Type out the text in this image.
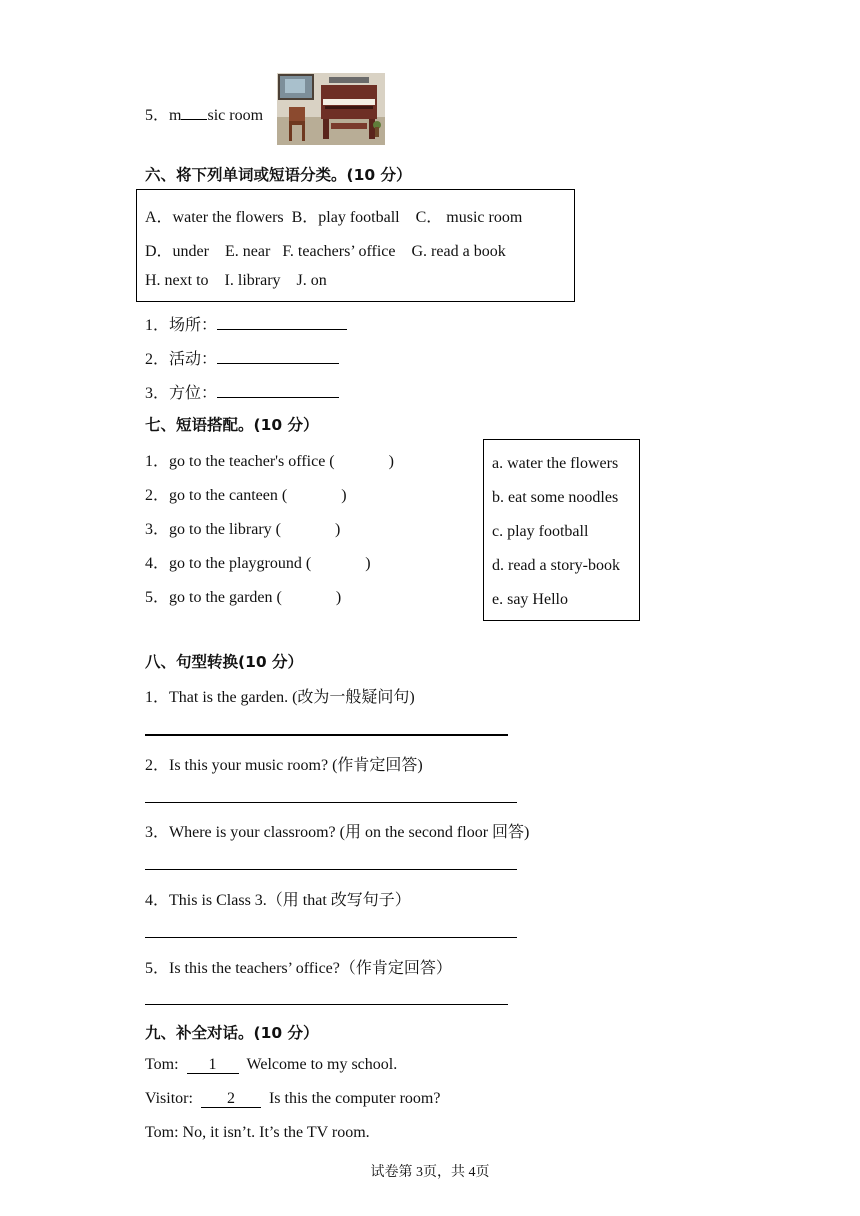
5．m sic room
六、将下列单词或短语分类。(10 分）
A．water the flowers B．play football C． music room
D．under E. near F. teachers’ office G. read a book
H. next to I. library J. on
1．场所：
2．活动：
3．方位：
七、短语搭配。(10 分）
1．go to the teacher's office (	)
2．go to the canteen (	)
3．go to the library (	)
4．go to the playground (	)
5．go to the garden (	)
a. water the flowers
b. eat some noodles
c. play football
d. read a story-book
e. say Hello
八、句型转换(10 分）
1．That is the garden. (改为一般疑问句)
2．Is this your music room? (作肯定回答)
3．Where is your classroom? (用 on the second floor 回答)
4．This is Class 3.（用 that 改写句子）
5．Is this the teachers’ office?（作肯定回答）
九、补全对话。(10 分）
Tom: 1 Welcome to my school.
Visitor: 2 Is this the computer room?
Tom: No, it isn’t. It’s the TV room.
试卷第 3页，共 4页
